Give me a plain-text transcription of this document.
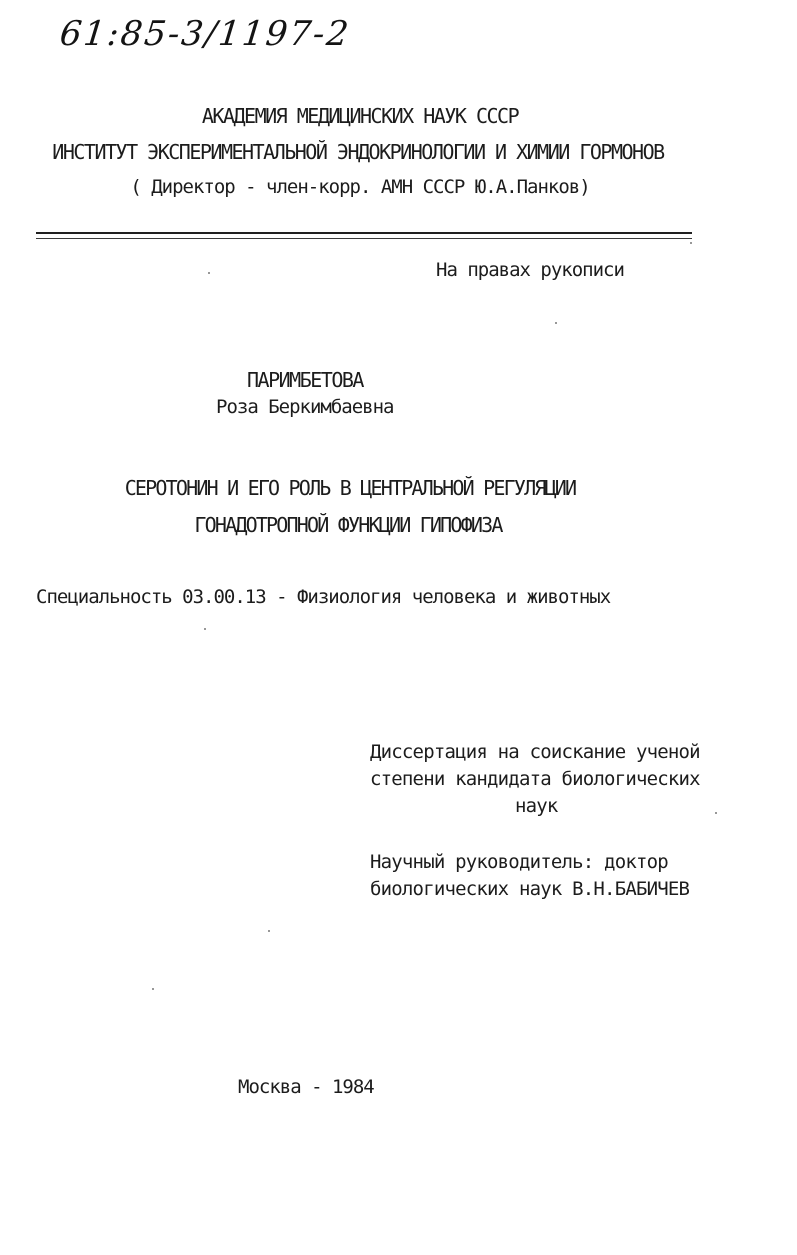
61:85-3/1197-2
АКАДЕМИЯ МЕДИЦИНСКИХ НАУК СССР
ИНСТИТУТ ЭКСПЕРИМЕНТАЛЬНОЙ ЭНДОКРИНОЛОГИИ И ХИМИИ ГОРМОНОВ
( Директор - член-корр. АМН СССР Ю.А.Панков)
На правах рукописи
ПАРИМБЕТОВА
Роза Беркимбаевна
СЕРОТОНИН И ЕГО РОЛЬ В ЦЕНТРАЛЬНОЙ РЕГУЛЯЦИИ
ГОНАДОТРОПНОЙ ФУНКЦИИ ГИПОФИЗА
Специальность 03.00.13 - Физиология человека и животных
Диссертация на соискание ученой
степени кандидата биологических
наук
Научный руководитель: доктор
биологических наук В.Н.БАБИЧЕВ
Москва - 1984
